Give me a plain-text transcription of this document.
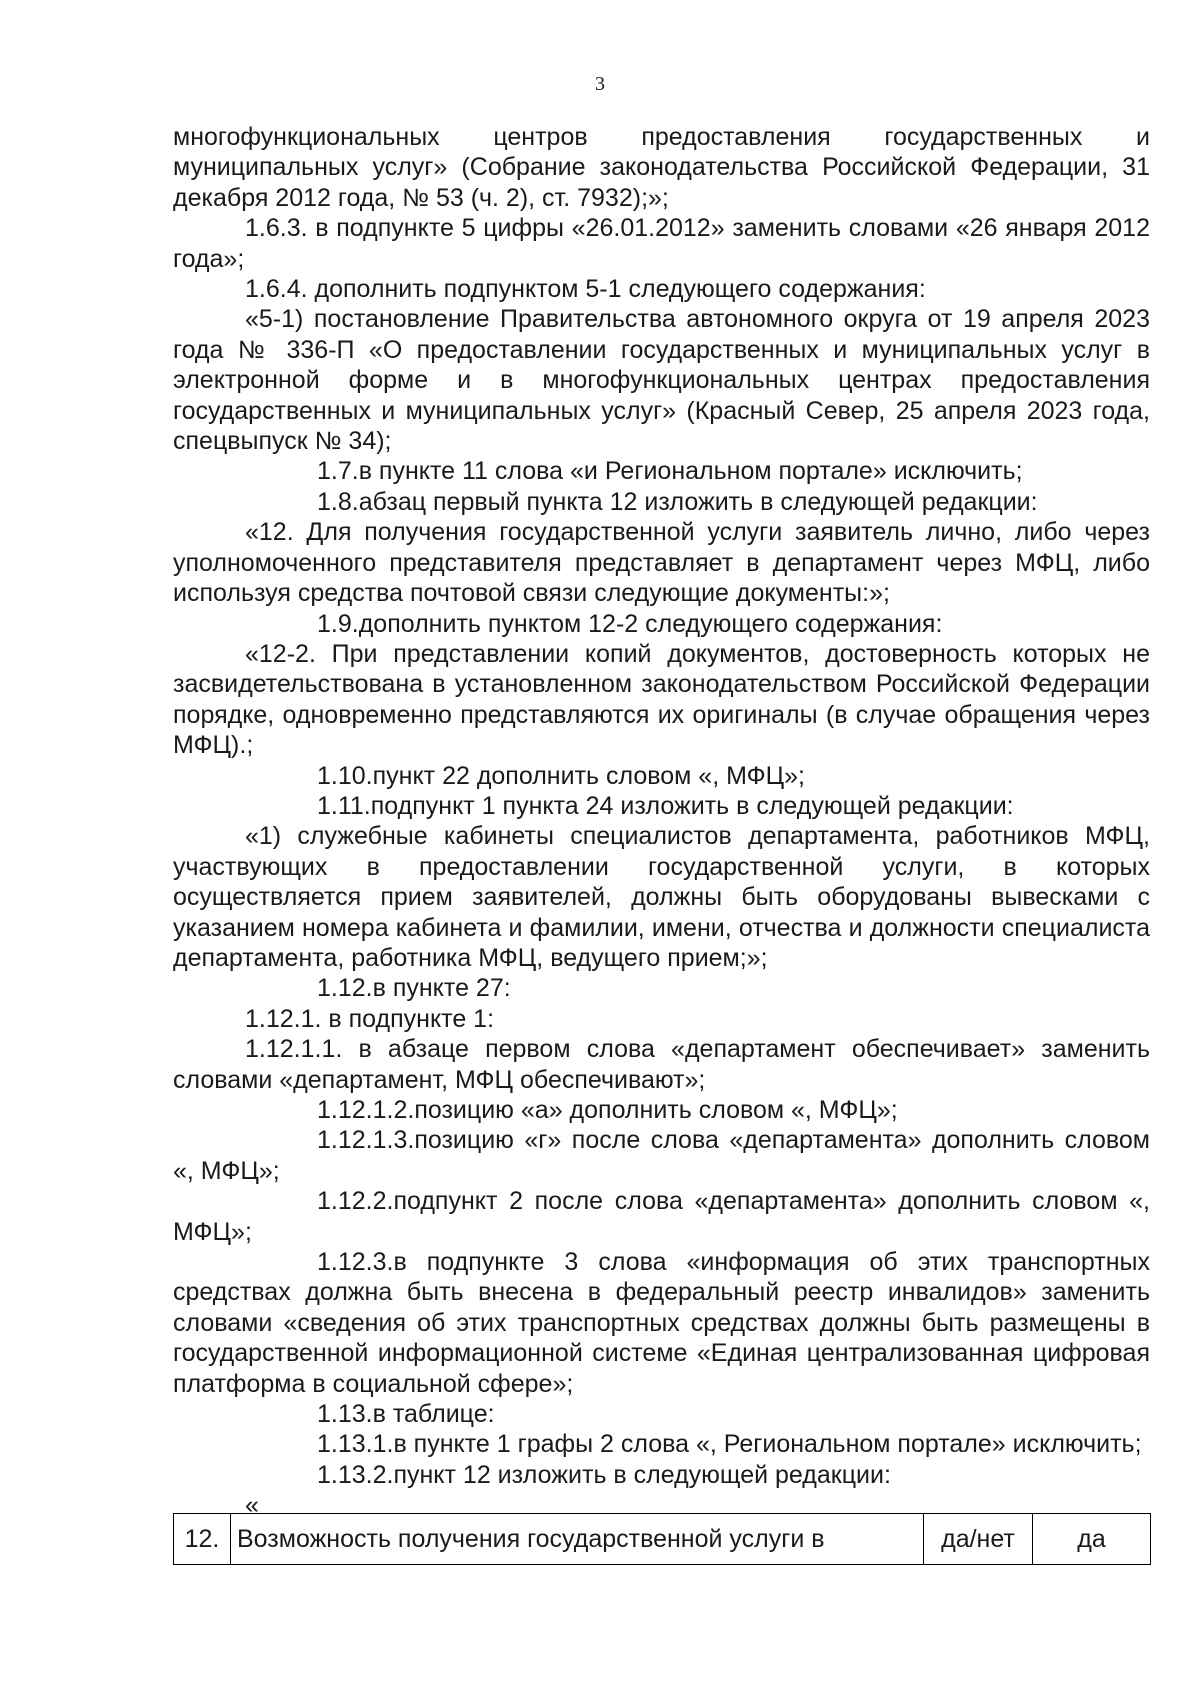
3

многофункциональных центров предоставления государственных и муниципальных услуг» (Собрание законодательства Российской Федерации, 31 декабря 2012 года, № 53 (ч. 2), ст. 7932);»;

1.6.3. в подпункте 5 цифры «26.01.2012» заменить словами «26 января 2012 года»;

1.6.4. дополнить подпунктом 5-1 следующего содержания:

«5-1) постановление Правительства автономного округа от 19 апреля 2023 года № 336-П «О предоставлении государственных и муниципальных услуг в электронной форме и в многофункциональных центрах предоставления государственных и муниципальных услуг» (Красный Север, 25 апреля 2023 года, спецвыпуск № 34);

1.7.в пункте 11 слова «и Региональном портале» исключить;

1.8.абзац первый пункта 12 изложить в следующей редакции:

«12. Для получения государственной услуги заявитель лично, либо через уполномоченного представителя представляет в департамент через МФЦ, либо используя средства почтовой связи следующие документы:»;

1.9.дополнить пунктом 12-2 следующего содержания:

«12-2. При представлении копий документов, достоверность которых не засвидетельствована в установленном законодательством Российской Федерации порядке, одновременно представляются их оригиналы (в случае обращения через МФЦ).;

1.10.пункт 22 дополнить словом «, МФЦ»;

1.11.подпункт 1 пункта 24 изложить в следующей редакции:

«1) служебные кабинеты специалистов департамента, работников МФЦ, участвующих в предоставлении государственной услуги, в которых осуществляется прием заявителей, должны быть оборудованы вывесками с указанием номера кабинета и фамилии, имени, отчества и должности специалиста департамента, работника МФЦ, ведущего прием;»;

1.12.в пункте 27:

1.12.1. в подпункте 1:

1.12.1.1. в абзаце первом слова «департамент обеспечивает» заменить словами «департамент, МФЦ обеспечивают»;

1.12.1.2.позицию «а» дополнить словом «, МФЦ»;

1.12.1.3.позицию «г» после слова «департамента» дополнить словом «, МФЦ»;

1.12.2.подпункт 2 после слова «департамента» дополнить словом «, МФЦ»;

1.12.3.в подпункте 3 слова «информация об этих транспортных средствах должна быть внесена в федеральный реестр инвалидов» заменить словами «сведения об этих транспортных средствах должны быть размещены в государственной информационной системе «Единая централизованная цифровая платформа в социальной сфере»;

1.13.в таблице:

1.13.1.в пункте 1 графы 2 слова «, Региональном портале» исключить;

1.13.2.пункт 12 изложить в следующей редакции:

«

12.	Возможность получения государственной услуги в	да/нет	да
